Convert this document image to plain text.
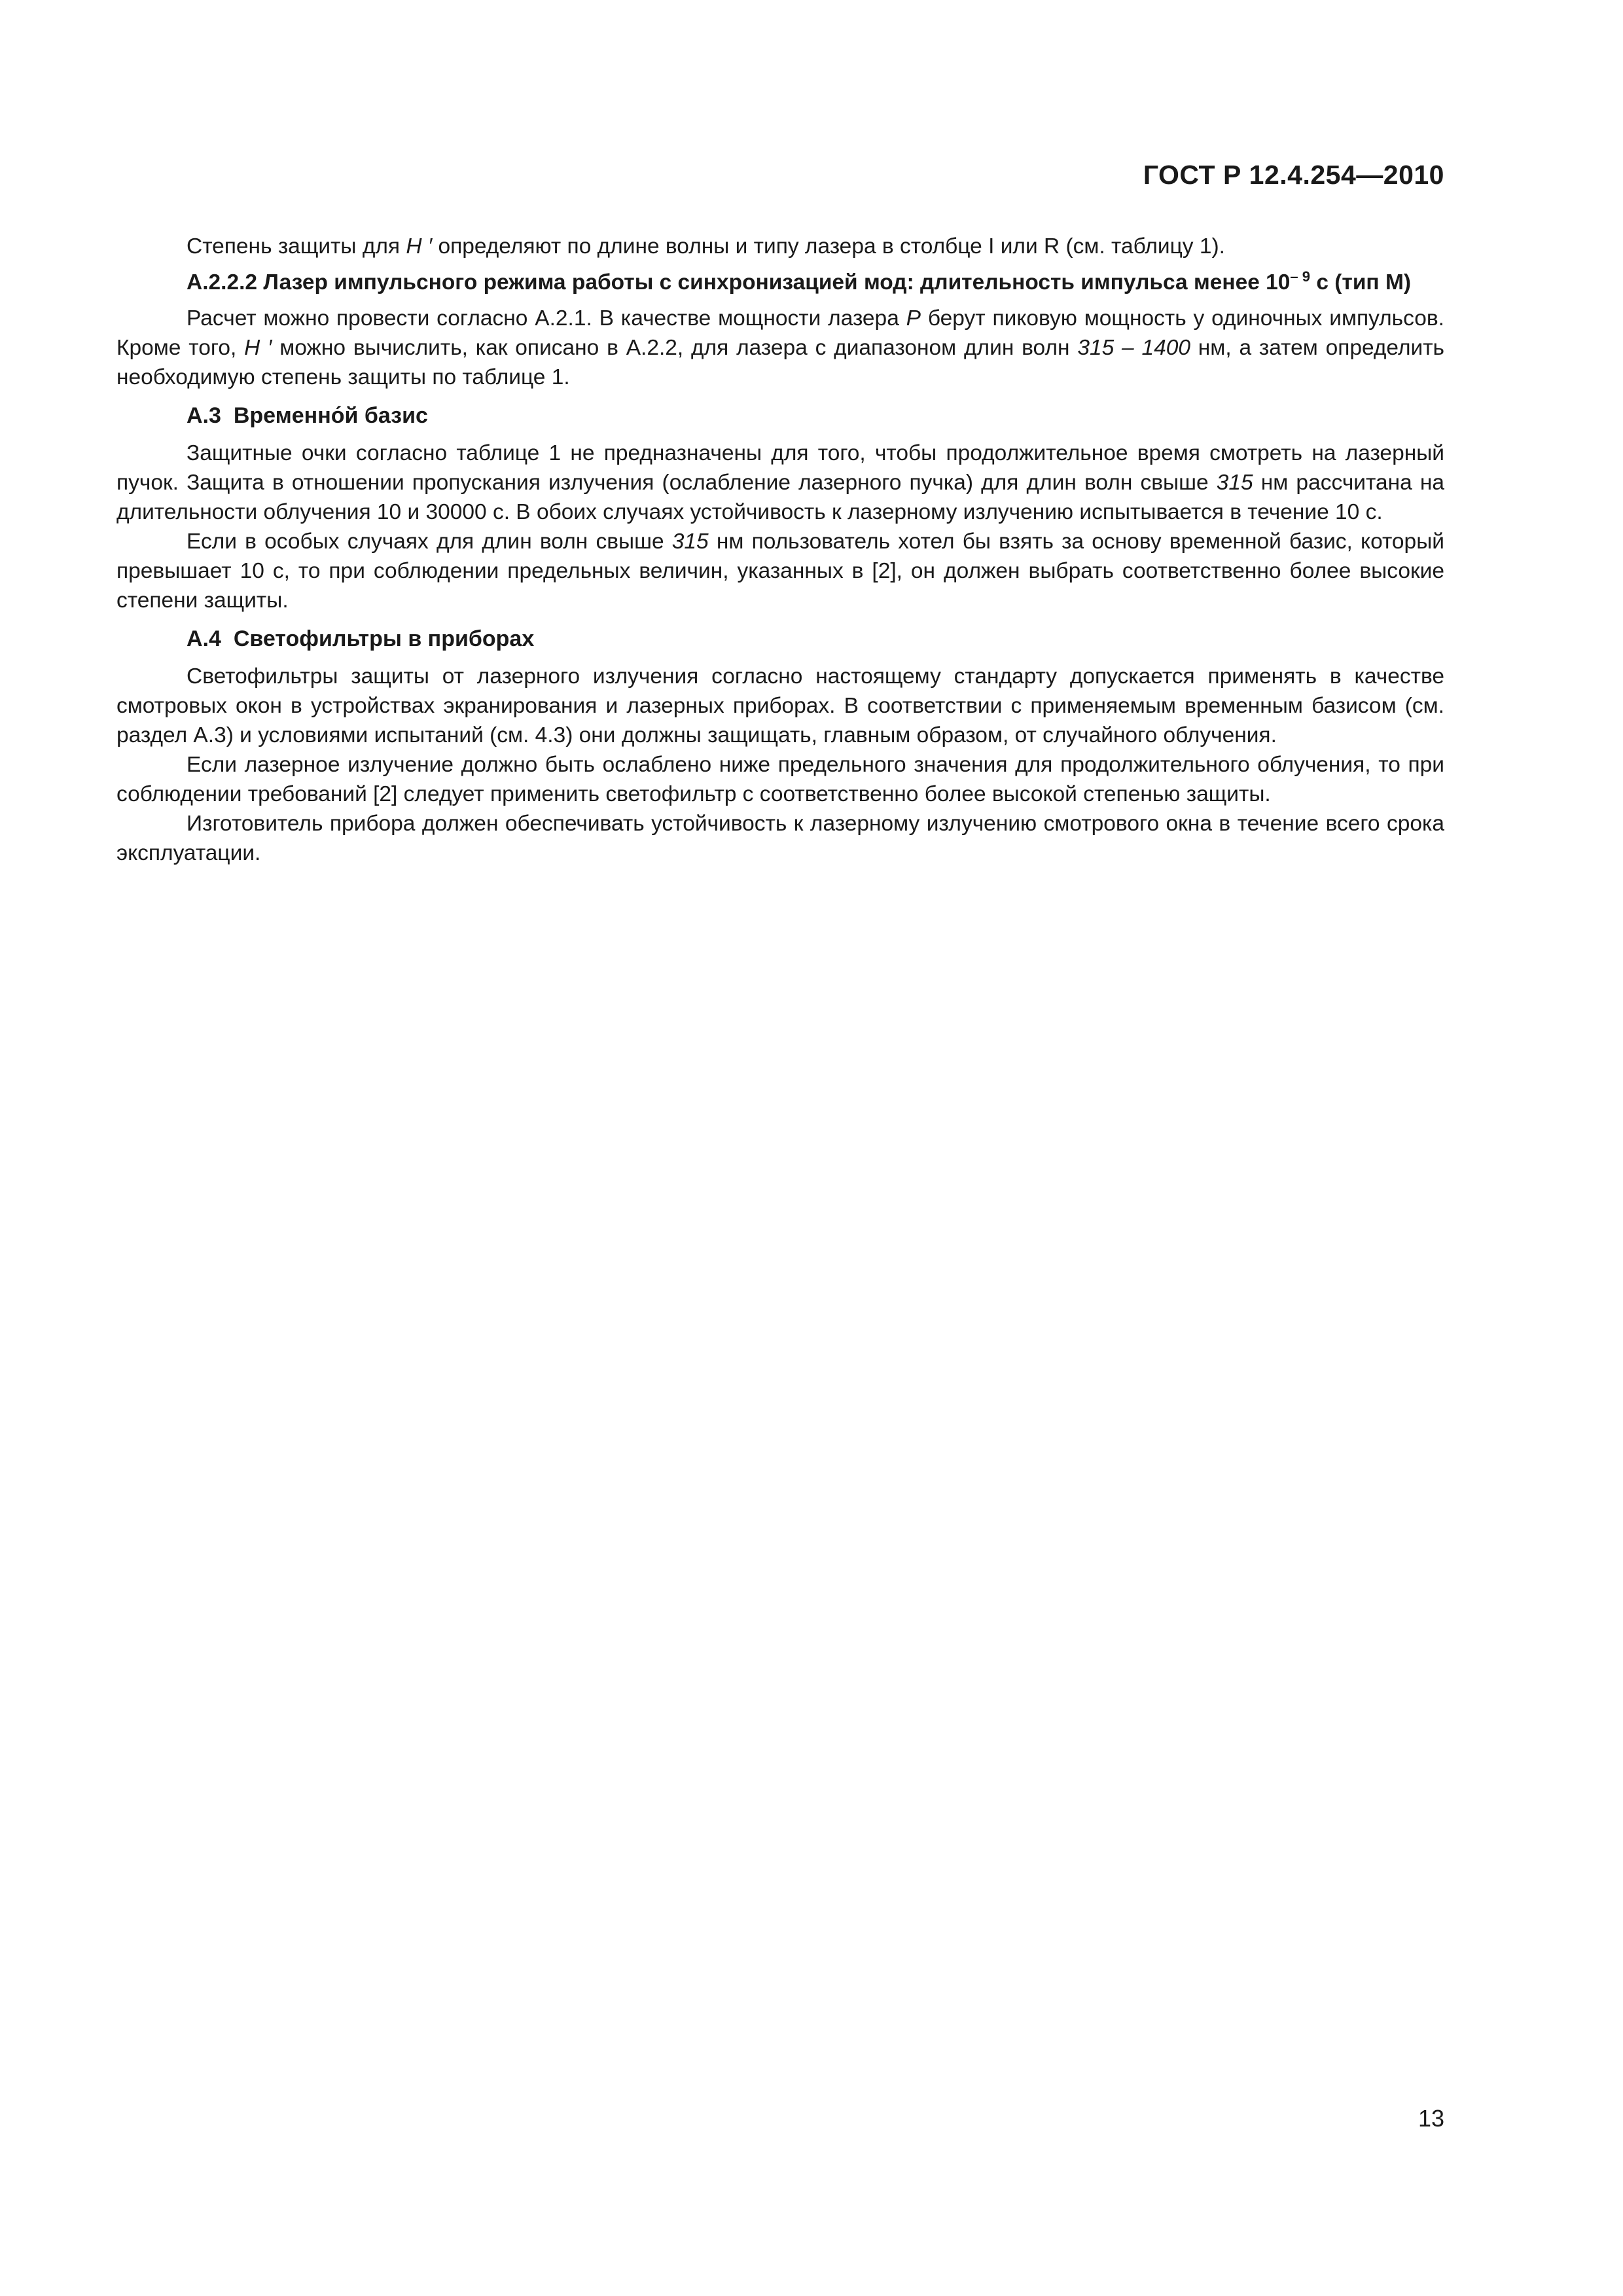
ГОСТ Р 12.4.254—2010

Степень защиты для H ′ определяют по длине волны и типу лазера в столбце I или R (см. таблицу 1).

А.2.2.2 Лазер импульсного режима работы с синхронизацией мод: длительность импульса менее $10^{- 9}$ с (тип М)

Расчет можно провести согласно А.2.1. В качестве мощности лазера Р берут пиковую мощность у одиночных импульсов. Кроме того, H ′ можно вычислить, как описано в А.2.2, для лазера с диапазоном длин волн 315 – 1400 нм, а затем определить необходимую степень защиты по таблице 1.

А.3 Временно́й базис

Защитные очки согласно таблице 1 не предназначены для того, чтобы продолжительное время смотреть на лазерный пучок. Защита в отношении пропускания излучения (ослабление лазерного пучка) для длин волн свыше 315 нм рассчитана на длительности облучения 10 и 30000 с. В обоих случаях устойчивость к лазерному излучению испытывается в течение 10 с.

Если в особых случаях для длин волн свыше 315 нм пользователь хотел бы взять за основу временной базис, который превышает 10 с, то при соблюдении предельных величин, указанных в [2], он должен выбрать соответственно более высокие степени защиты.

А.4 Светофильтры в приборах

Светофильтры защиты от лазерного излучения согласно настоящему стандарту допускается применять в качестве смотровых окон в устройствах экранирования и лазерных приборах. В соответствии с применяемым временным базисом (см. раздел А.3) и условиями испытаний (см. 4.3) они должны защищать, главным образом, от случайного облучения.

Если лазерное излучение должно быть ослаблено ниже предельного значения для продолжительного облучения, то при соблюдении требований [2] следует применить светофильтр с соответственно более высокой степенью защиты.

Изготовитель прибора должен обеспечивать устойчивость к лазерному излучению смотрового окна в течение всего срока эксплуатации.

13
